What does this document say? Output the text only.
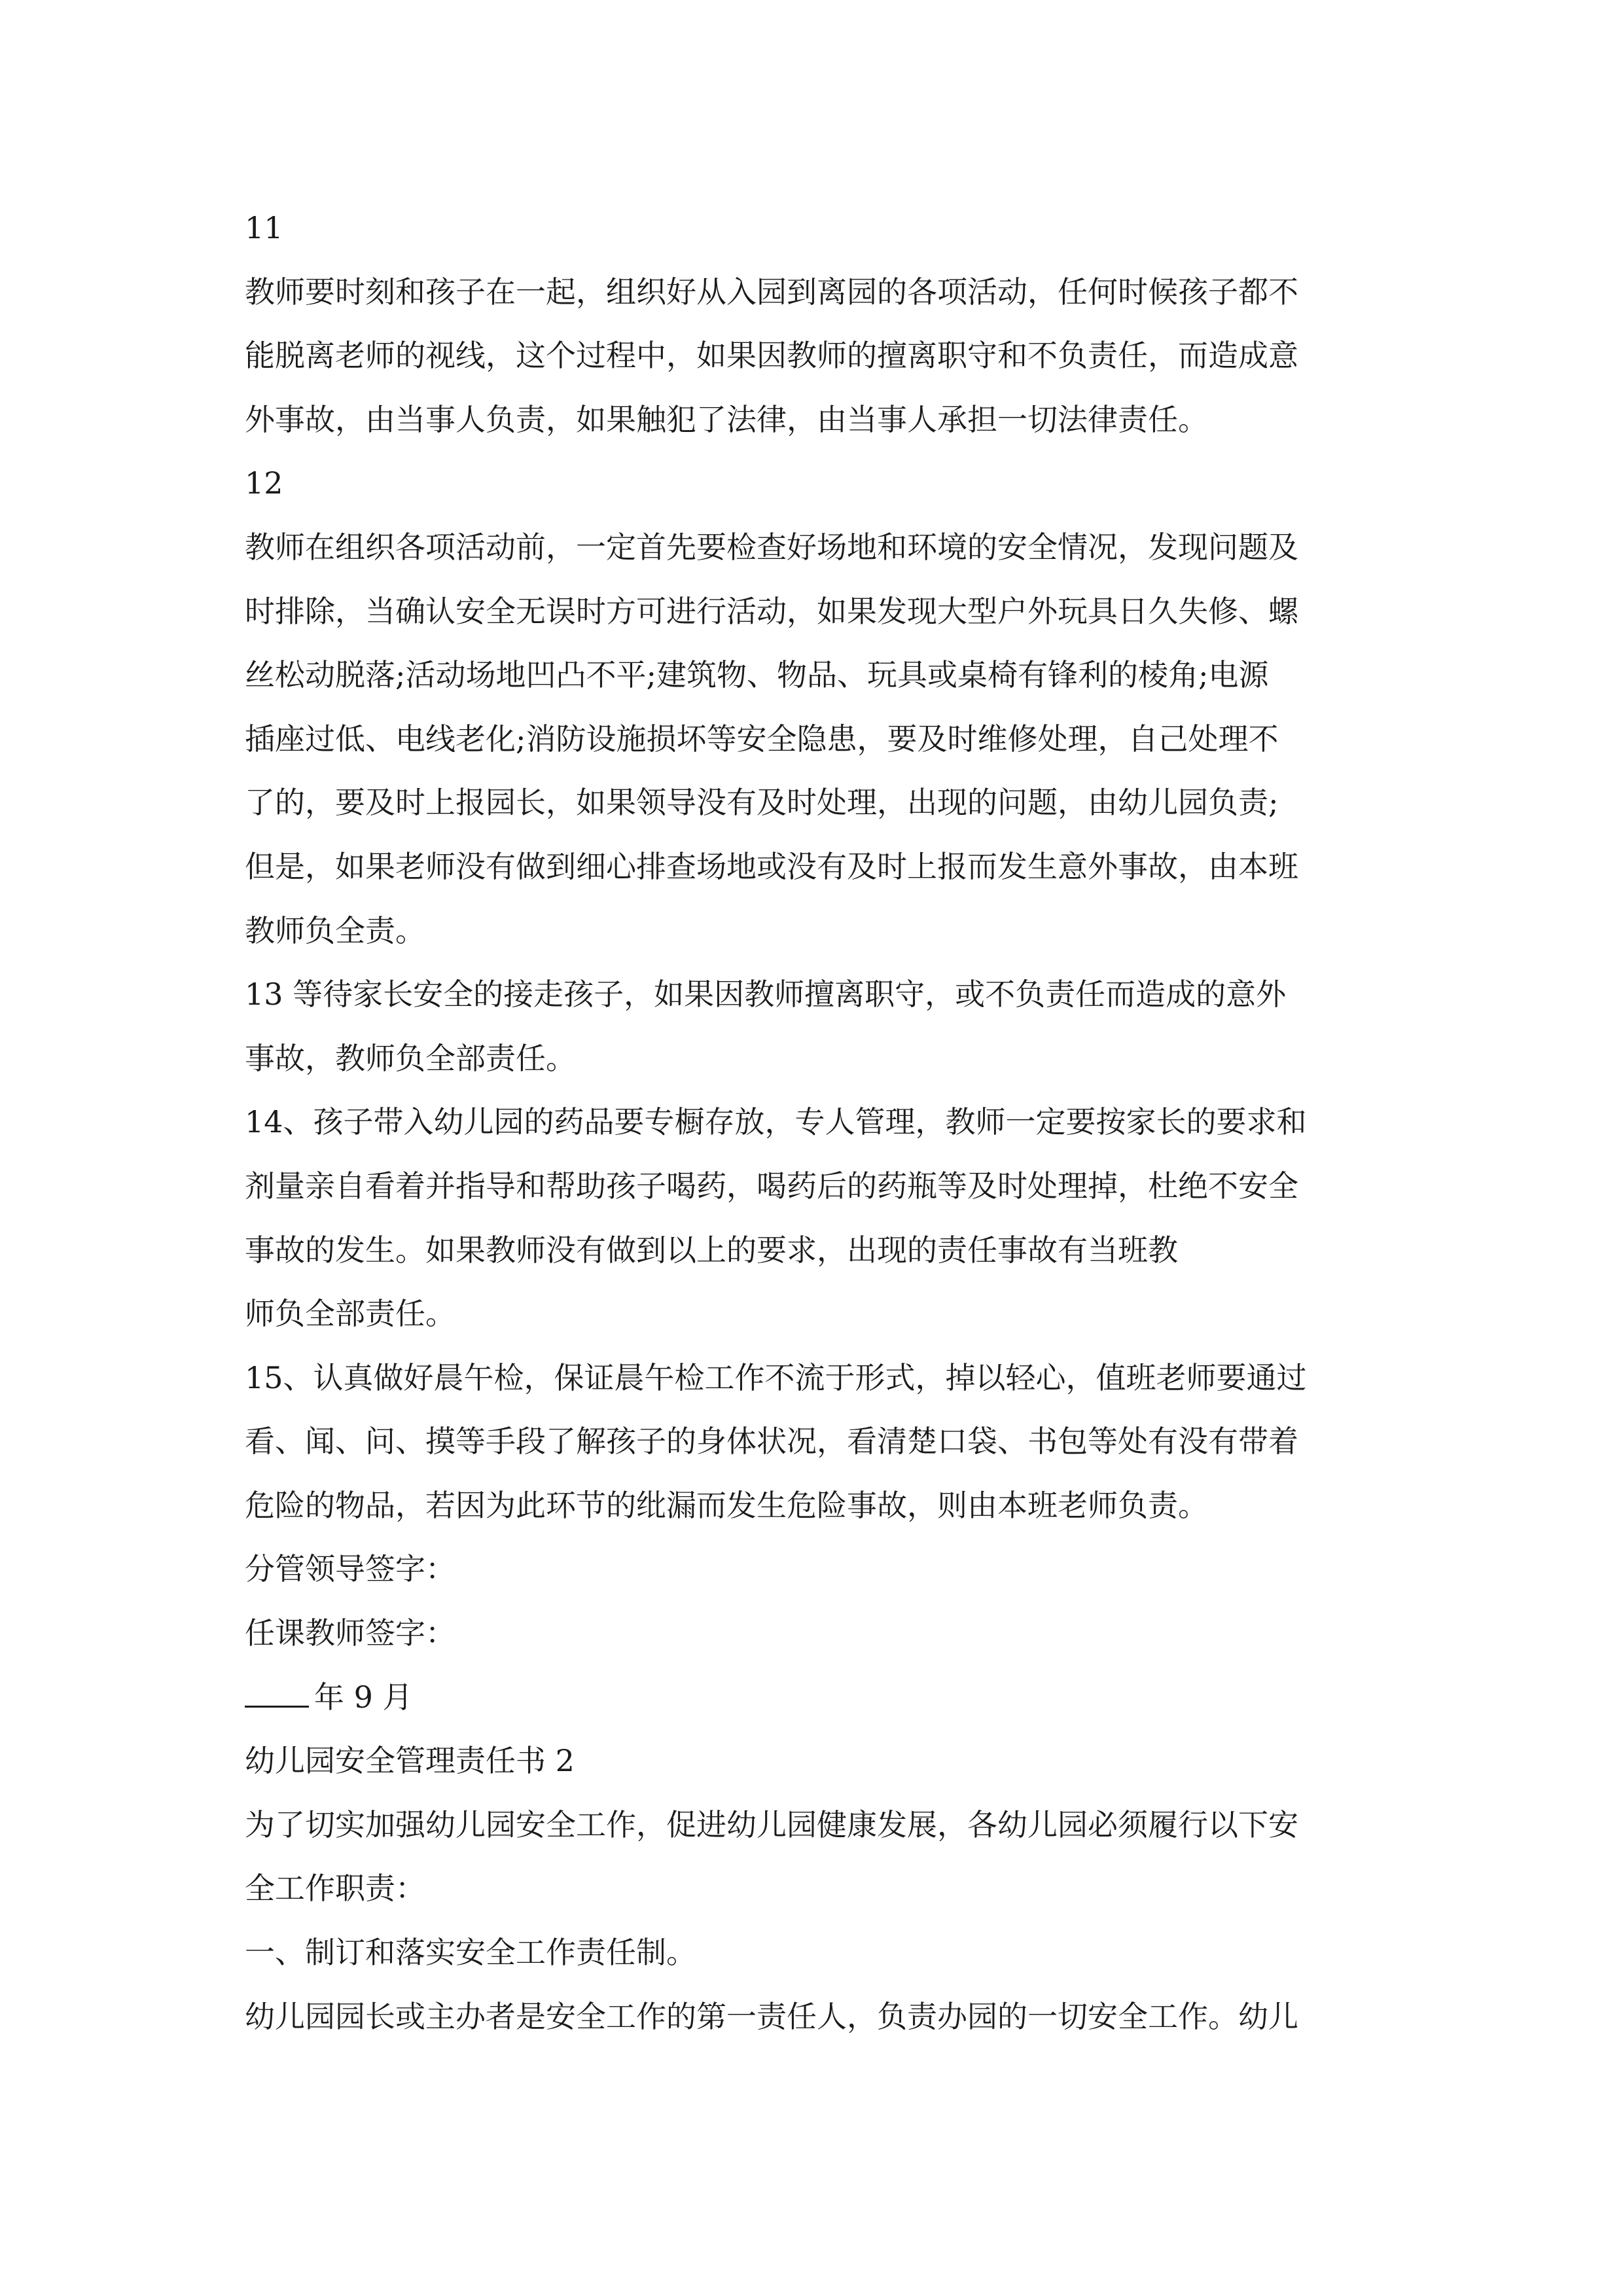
11

教师要时刻和孩子在一起，组织好从入园到离园的各项活动，任何时候孩子都不

能脱离老师的视线，这个过程中，如果因教师的擅离职守和不负责任，而造成意

外事故，由当事人负责，如果触犯了法律，由当事人承担一切法律责任。

12

教师在组织各项活动前，一定首先要检查好场地和环境的安全情况，发现问题及

时排除，当确认安全无误时方可进行活动，如果发现大型户外玩具日久失修、螺

丝松动脱落;活动场地凹凸不平;建筑物、物品、玩具或桌椅有锋利的棱角;电源

插座过低、电线老化;消防设施损坏等安全隐患，要及时维修处理，自己处理不

了的，要及时上报园长，如果领导没有及时处理，出现的问题，由幼儿园负责;

但是，如果老师没有做到细心排查场地或没有及时上报而发生意外事故，由本班

教师负全责。

13 等待家长安全的接走孩子，如果因教师擅离职守，或不负责任而造成的意外

事故，教师负全部责任。

14、孩子带入幼儿园的药品要专橱存放，专人管理，教师一定要按家长的要求和

剂量亲自看着并指导和帮助孩子喝药，喝药后的药瓶等及时处理掉，杜绝不安全

事故的发生。如果教师没有做到以上的要求，出现的责任事故有当班教

师负全部责任。

15、认真做好晨午检，保证晨午检工作不流于形式，掉以轻心，值班老师要通过

看、闻、问、摸等手段了解孩子的身体状况，看清楚口袋、书包等处有没有带着

危险的物品，若因为此环节的纰漏而发生危险事故，则由本班老师负责。

分管领导签字：

任课教师签字：

年 9 月

幼儿园安全管理责任书 2

为了切实加强幼儿园安全工作，促进幼儿园健康发展，各幼儿园必须履行以下安

全工作职责：

一、制订和落实安全工作责任制。

幼儿园园长或主办者是安全工作的第一责任人，负责办园的一切安全工作。幼儿
